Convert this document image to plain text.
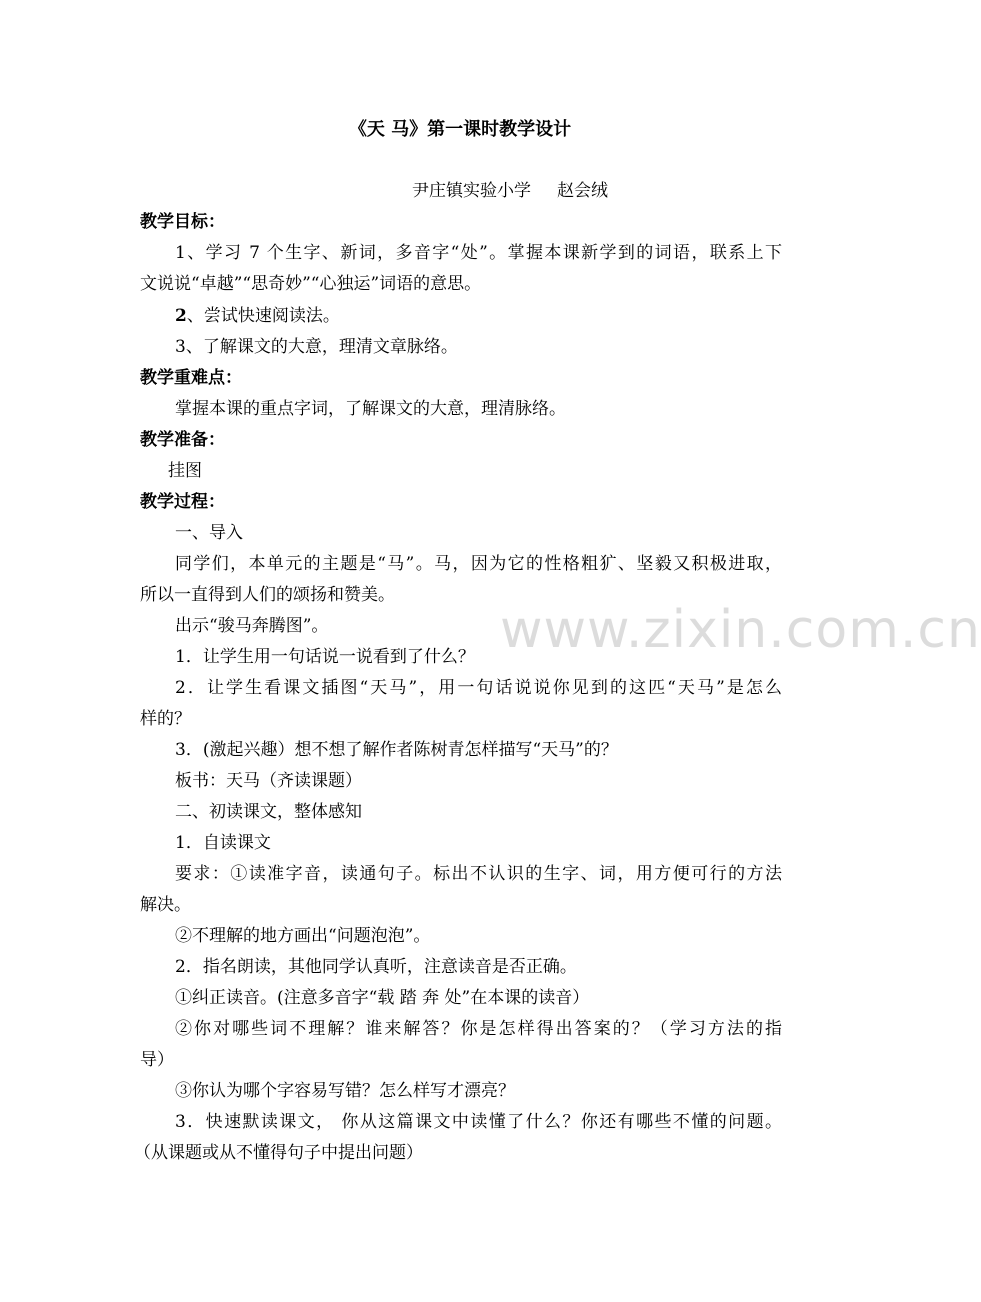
《天 马》第一课时教学设计
尹庄镇实验小学 赵会绒
教学目标：
1、学习 7 个生字、新词，多音字“处”。掌握本课新学到的词语，联系上下
文说说“卓越”“思奇妙”“心独运”词语的意思。
2、尝试快速阅读法。
3、了解课文的大意，理清文章脉络。
教学重难点：
掌握本课的重点字词，了解课文的大意，理清脉络。
教学准备：
挂图
教学过程：
一、导入
同学们，本单元的主题是“马”。马，因为它的性格粗犷、坚毅又积极进取，
所以一直得到人们的颂扬和赞美。
出示“骏马奔腾图”。
1．让学生用一句话说一说看到了什么？
2．让学生看课文插图“天马”，用一句话说说你见到的这匹“天马”是怎么
样的？
3．(激起兴趣）想不想了解作者陈树青怎样描写“天马”的？
板书：天马（齐读课题）
二、初读课文，整体感知
1．自读课文
要求：①读准字音，读通句子。标出不认识的生字、词，用方便可行的方法
解决。
②不理解的地方画出“问题泡泡”。
2．指名朗读，其他同学认真听，注意读音是否正确。
①纠正读音。(注意多音字“载 踏 奔 处”在本课的读音）
②你对哪些词不理解？谁来解答？你是怎样得出答案的？（学习方法的指
导）
③你认为哪个字容易写错？怎么样写才漂亮？
3．快速默读课文， 你从这篇课文中读懂了什么？你还有哪些不懂的问题。
（从课题或从不懂得句子中提出问题）
www.zixin.com.cn
